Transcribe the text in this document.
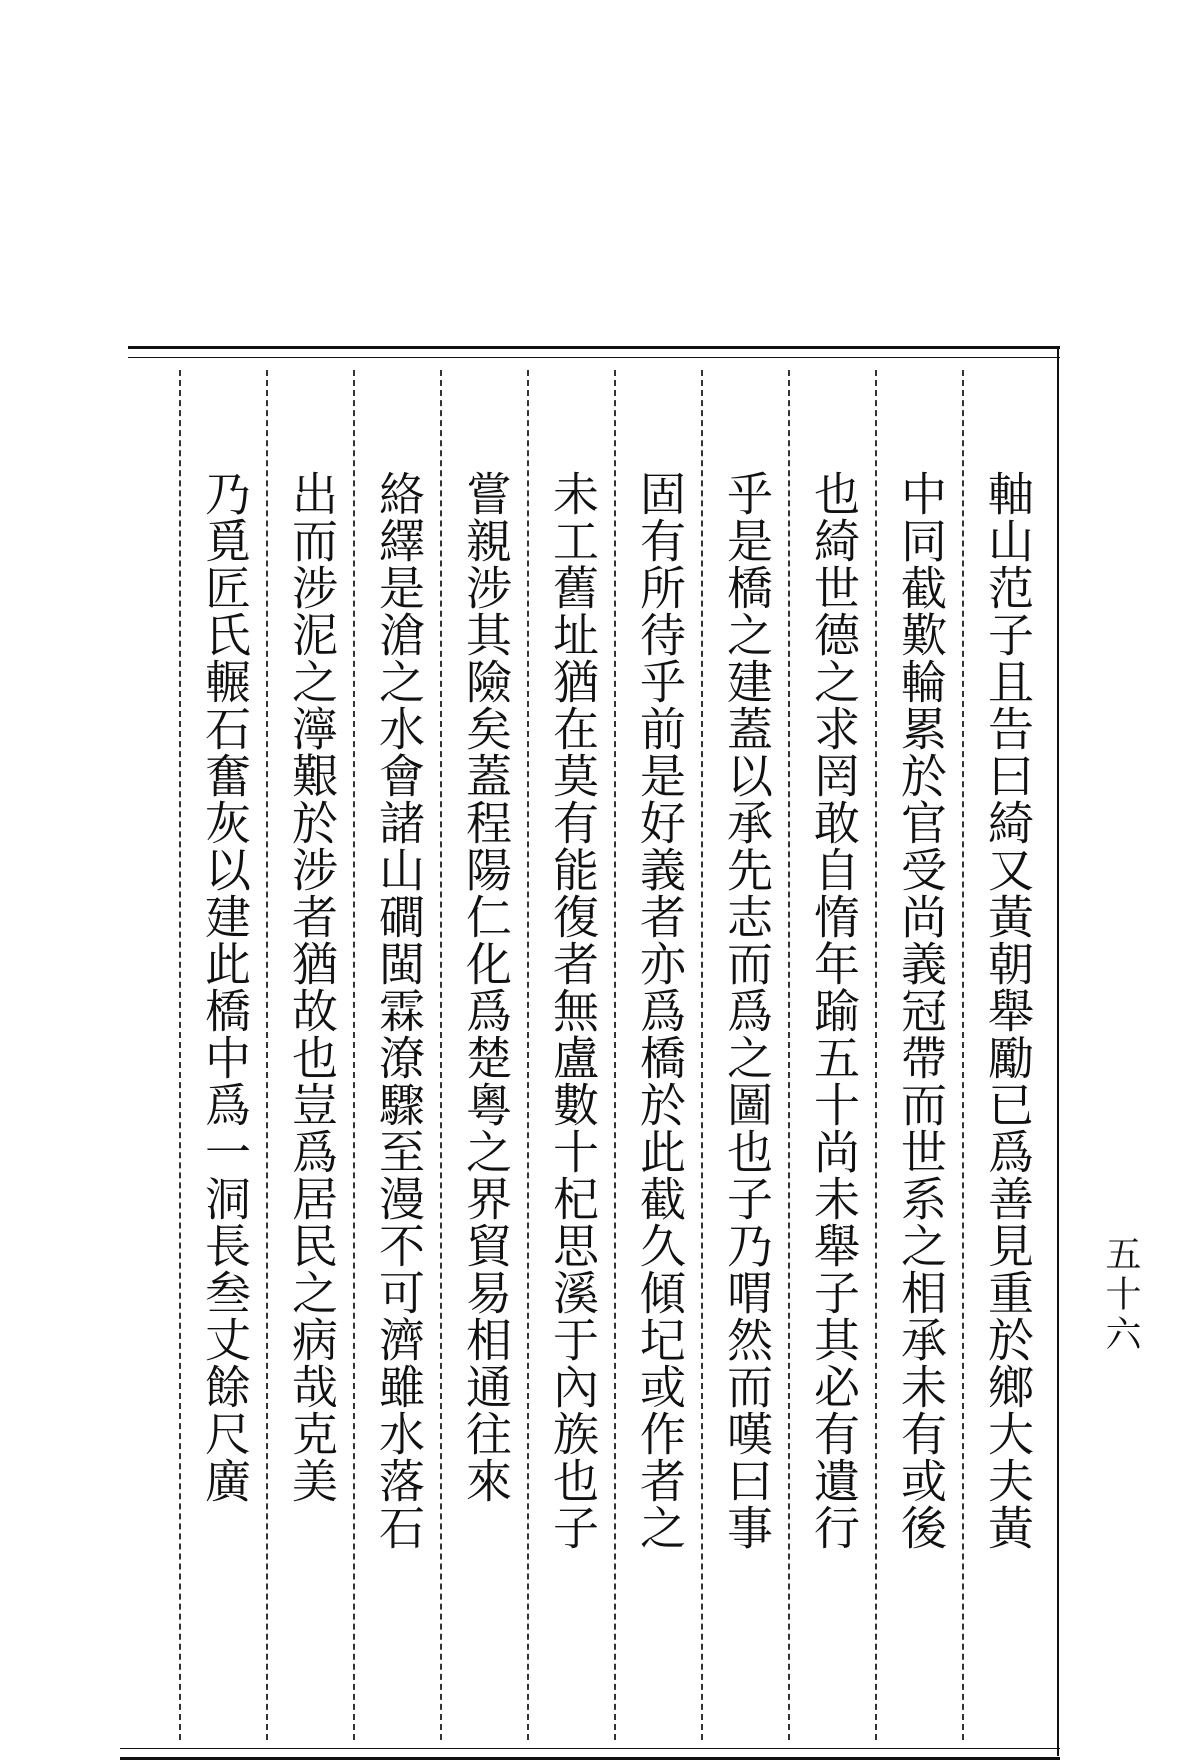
軸山范子且告曰綺又黃朝舉勵已爲善見重於鄉大夫黃
中同截歎輪累於官受尚義冠帶而世系之相承未有或後
也綺世德之求罔敢自惰年踰五十尚未舉子其必有遺行
乎是橋之建蓋以承先志而爲之圖也子乃喟然而嘆曰事
固有所待乎前是好義者亦爲橋於此截久傾圮或作者之
未工舊址猶在莫有能復者無盧數十杞思溪于內族也子
嘗親涉其險矣蓋程陽仁化爲楚粵之界貿易相通往來
絡繹是滄之水會諸山磵閩霖潦驟至漫不可濟雖水落石
出而涉泥之濘艱於涉者猶故也豈爲居民之病哉克美
乃覓匠氏輾石奮灰以建此橋中爲一洞長叁丈餘尺廣	五十六
